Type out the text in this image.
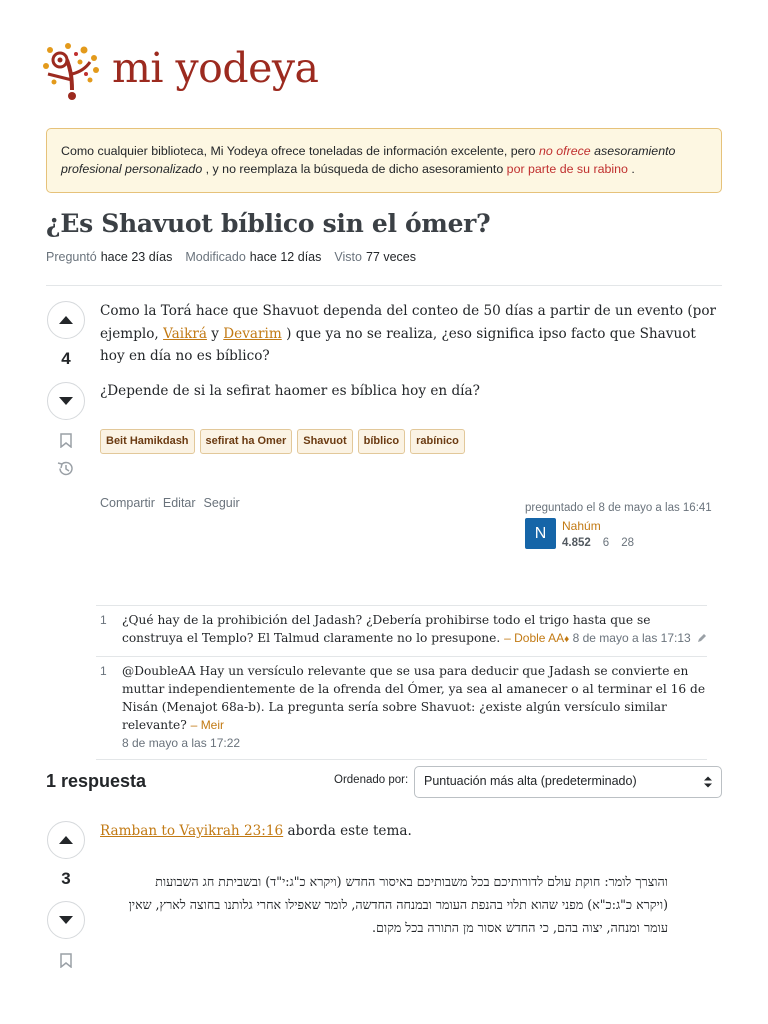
mi yodeya
Como cualquier biblioteca, Mi Yodeya ofrece toneladas de información excelente, pero no ofrece asesoramiento profesional personalizado , y no reemplaza la búsqueda de dicho asesoramiento por parte de su rabino .
¿Es Shavuot bíblico sin el ómer?
Preguntó hace 23 días Modificado hace 12 días Visto 77 veces
4

Como la Torá hace que Shavuot dependa del conteo de 50 días a partir de un evento (por ejemplo, Vaikrá y Devarim ) que ya no se realiza, ¿eso significa ipso facto que Shavuot hoy en día no es bíblico?

¿Depende de si la sefirat haomer es bíblica hoy en día?

Beit Hamikdash	sefirat ha Omer	Shavuot	bíblico	rabínico
Compartir Editar Seguir	preguntado el 8 de mayo a las 16:41
N	Nahúm
4.852 6 28
1	¿Qué hay de la prohibición del Jadash? ¿Debería prohibirse todo el trigo hasta que se construya el Templo? El Talmud claramente no lo presupone. – Doble AA♦ 8 de mayo a las 17:13
1	@DoubleAA Hay un versículo relevante que se usa para deducir que Jadash se convierte en muttar independientemente de la ofrenda del Ómer, ya sea al amanecer o al terminar el 16 de Nisán (Menajot 68a-b). La pregunta sería sobre Shavuot: ¿existe algún versículo similar relevante? – Meir
8 de mayo a las 17:22
1 respuesta	Ordenado por:	Puntuación más alta (predeterminado)
3
Ramban to Vayikrah 23:16 aborda este tema.
והוצרך לומר: חוקת עולם לדורותיכם בכל משבותיכם באיסור החדש (ויקרא כ"ג:י"ד) ובשביתת חג השבועות (ויקרא כ"ג:כ"א) מפני שהוא תלוי בהנפת העומר ובמנחה החדשה, לומר שאפילו אחרי גלותנו בחוצה לארץ, שאין עומר ומנחה, יצוה בהם, כי החדש אסור מן התורה בכל מקום.
